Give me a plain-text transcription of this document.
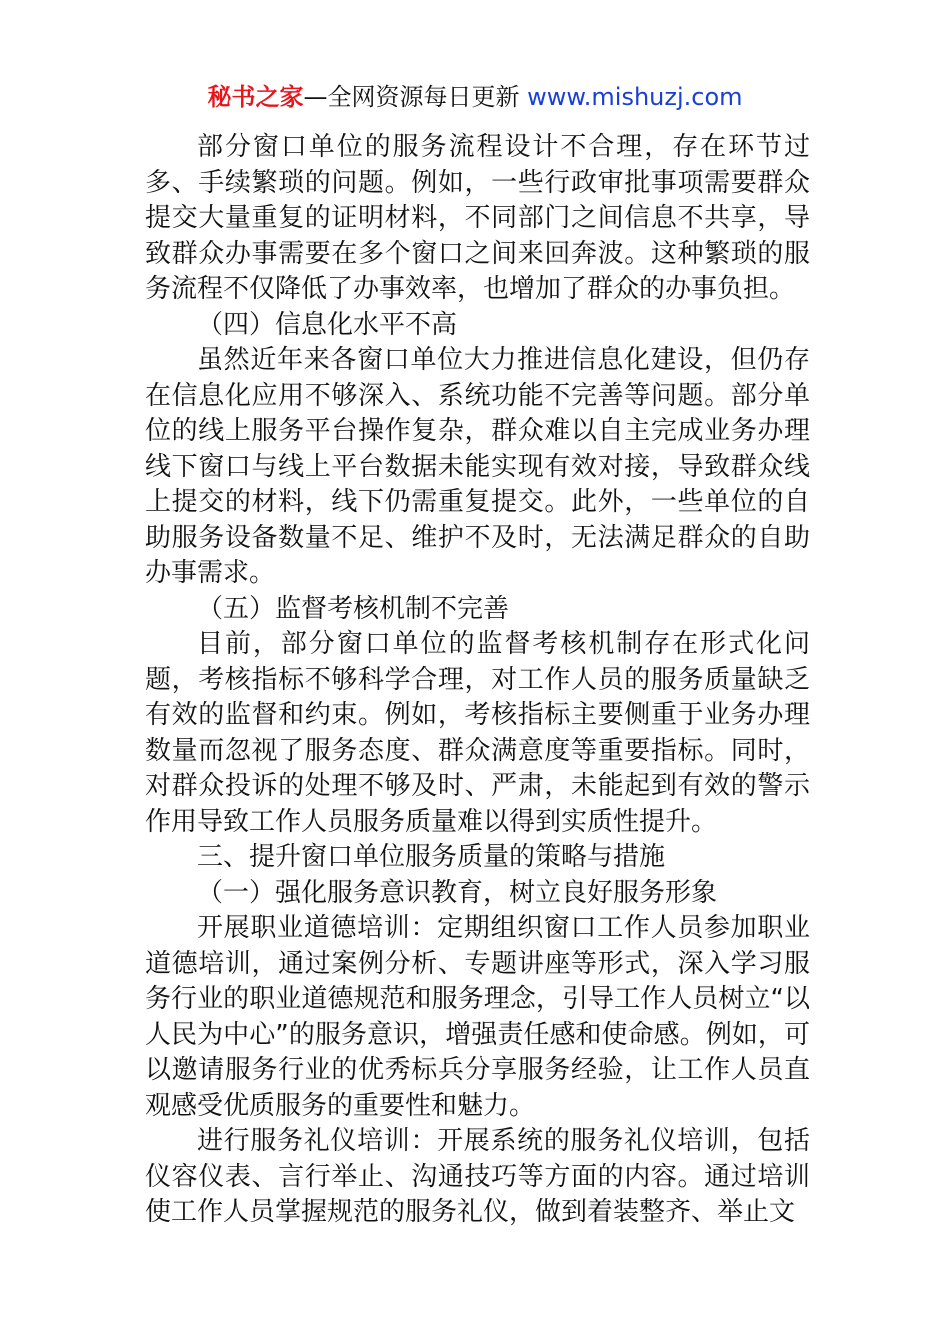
秘书之家—全网资源每日更新 www.mishuzj.com

部分窗口单位的服务流程设计不合理，存在环节过多、手续繁琐的问题。例如，一些行政审批事项需要群众提交大量重复的证明材料，不同部门之间信息不共享，导致群众办事需要在多个窗口之间来回奔波。这种繁琐的服务流程不仅降低了办事效率，也增加了群众的办事负担。

（四）信息化水平不高

虽然近年来各窗口单位大力推进信息化建设，但仍存在信息化应用不够深入、系统功能不完善等问题。部分单位的线上服务平台操作复杂，群众难以自主完成业务办理线下窗口与线上平台数据未能实现有效对接，导致群众线上提交的材料，线下仍需重复提交。此外，一些单位的自助服务设备数量不足、维护不及时，无法满足群众的自助办事需求。

（五）监督考核机制不完善

目前，部分窗口单位的监督考核机制存在形式化问题，考核指标不够科学合理，对工作人员的服务质量缺乏有效的监督和约束。例如，考核指标主要侧重于业务办理数量而忽视了服务态度、群众满意度等重要指标。同时，对群众投诉的处理不够及时、严肃，未能起到有效的警示作用导致工作人员服务质量难以得到实质性提升。

三、提升窗口单位服务质量的策略与措施

（一）强化服务意识教育，树立良好服务形象

开展职业道德培训：定期组织窗口工作人员参加职业道德培训，通过案例分析、专题讲座等形式，深入学习服务行业的职业道德规范和服务理念，引导工作人员树立“以人民为中心”的服务意识，增强责任感和使命感。例如，可以邀请服务行业的优秀标兵分享服务经验，让工作人员直观感受优质服务的重要性和魅力。

进行服务礼仪培训：开展系统的服务礼仪培训，包括仪容仪表、言行举止、沟通技巧等方面的内容。通过培训使工作人员掌握规范的服务礼仪，做到着装整齐、举止文
